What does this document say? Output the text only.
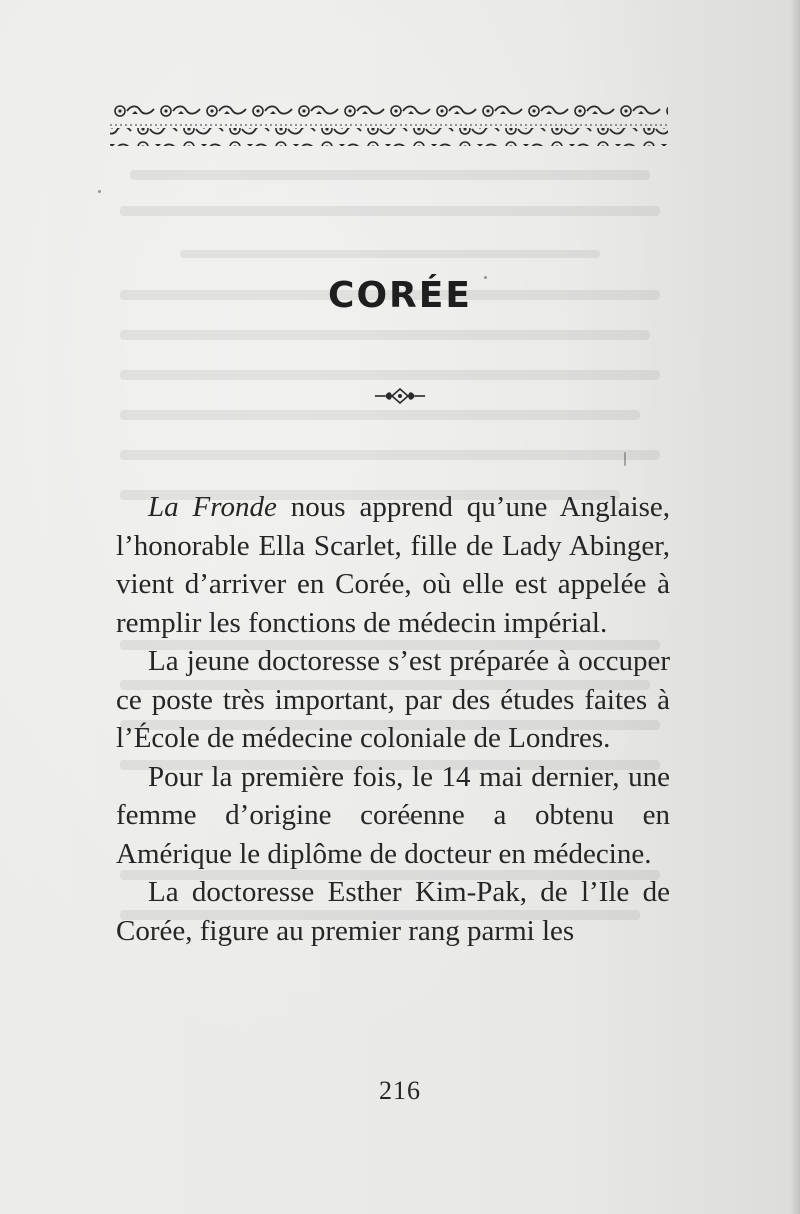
CORÉE

La Fronde nous apprend qu’une Anglaise, l’honorable Ella Scarlet, fille de Lady Abinger, vient d’arriver en Corée, où elle est appelée à remplir les fonctions de médecin impérial.

La jeune doctoresse s’est préparée à occuper ce poste très important, par des études faites à l’École de médecine coloniale de Londres.

Pour la première fois, le 14 mai dernier, une femme d’origine coréenne a obtenu en Amérique le diplôme de docteur en médecine.

La doctoresse Esther Kim-Pak, de l’Ile de Corée, figure au premier rang parmi les

216
